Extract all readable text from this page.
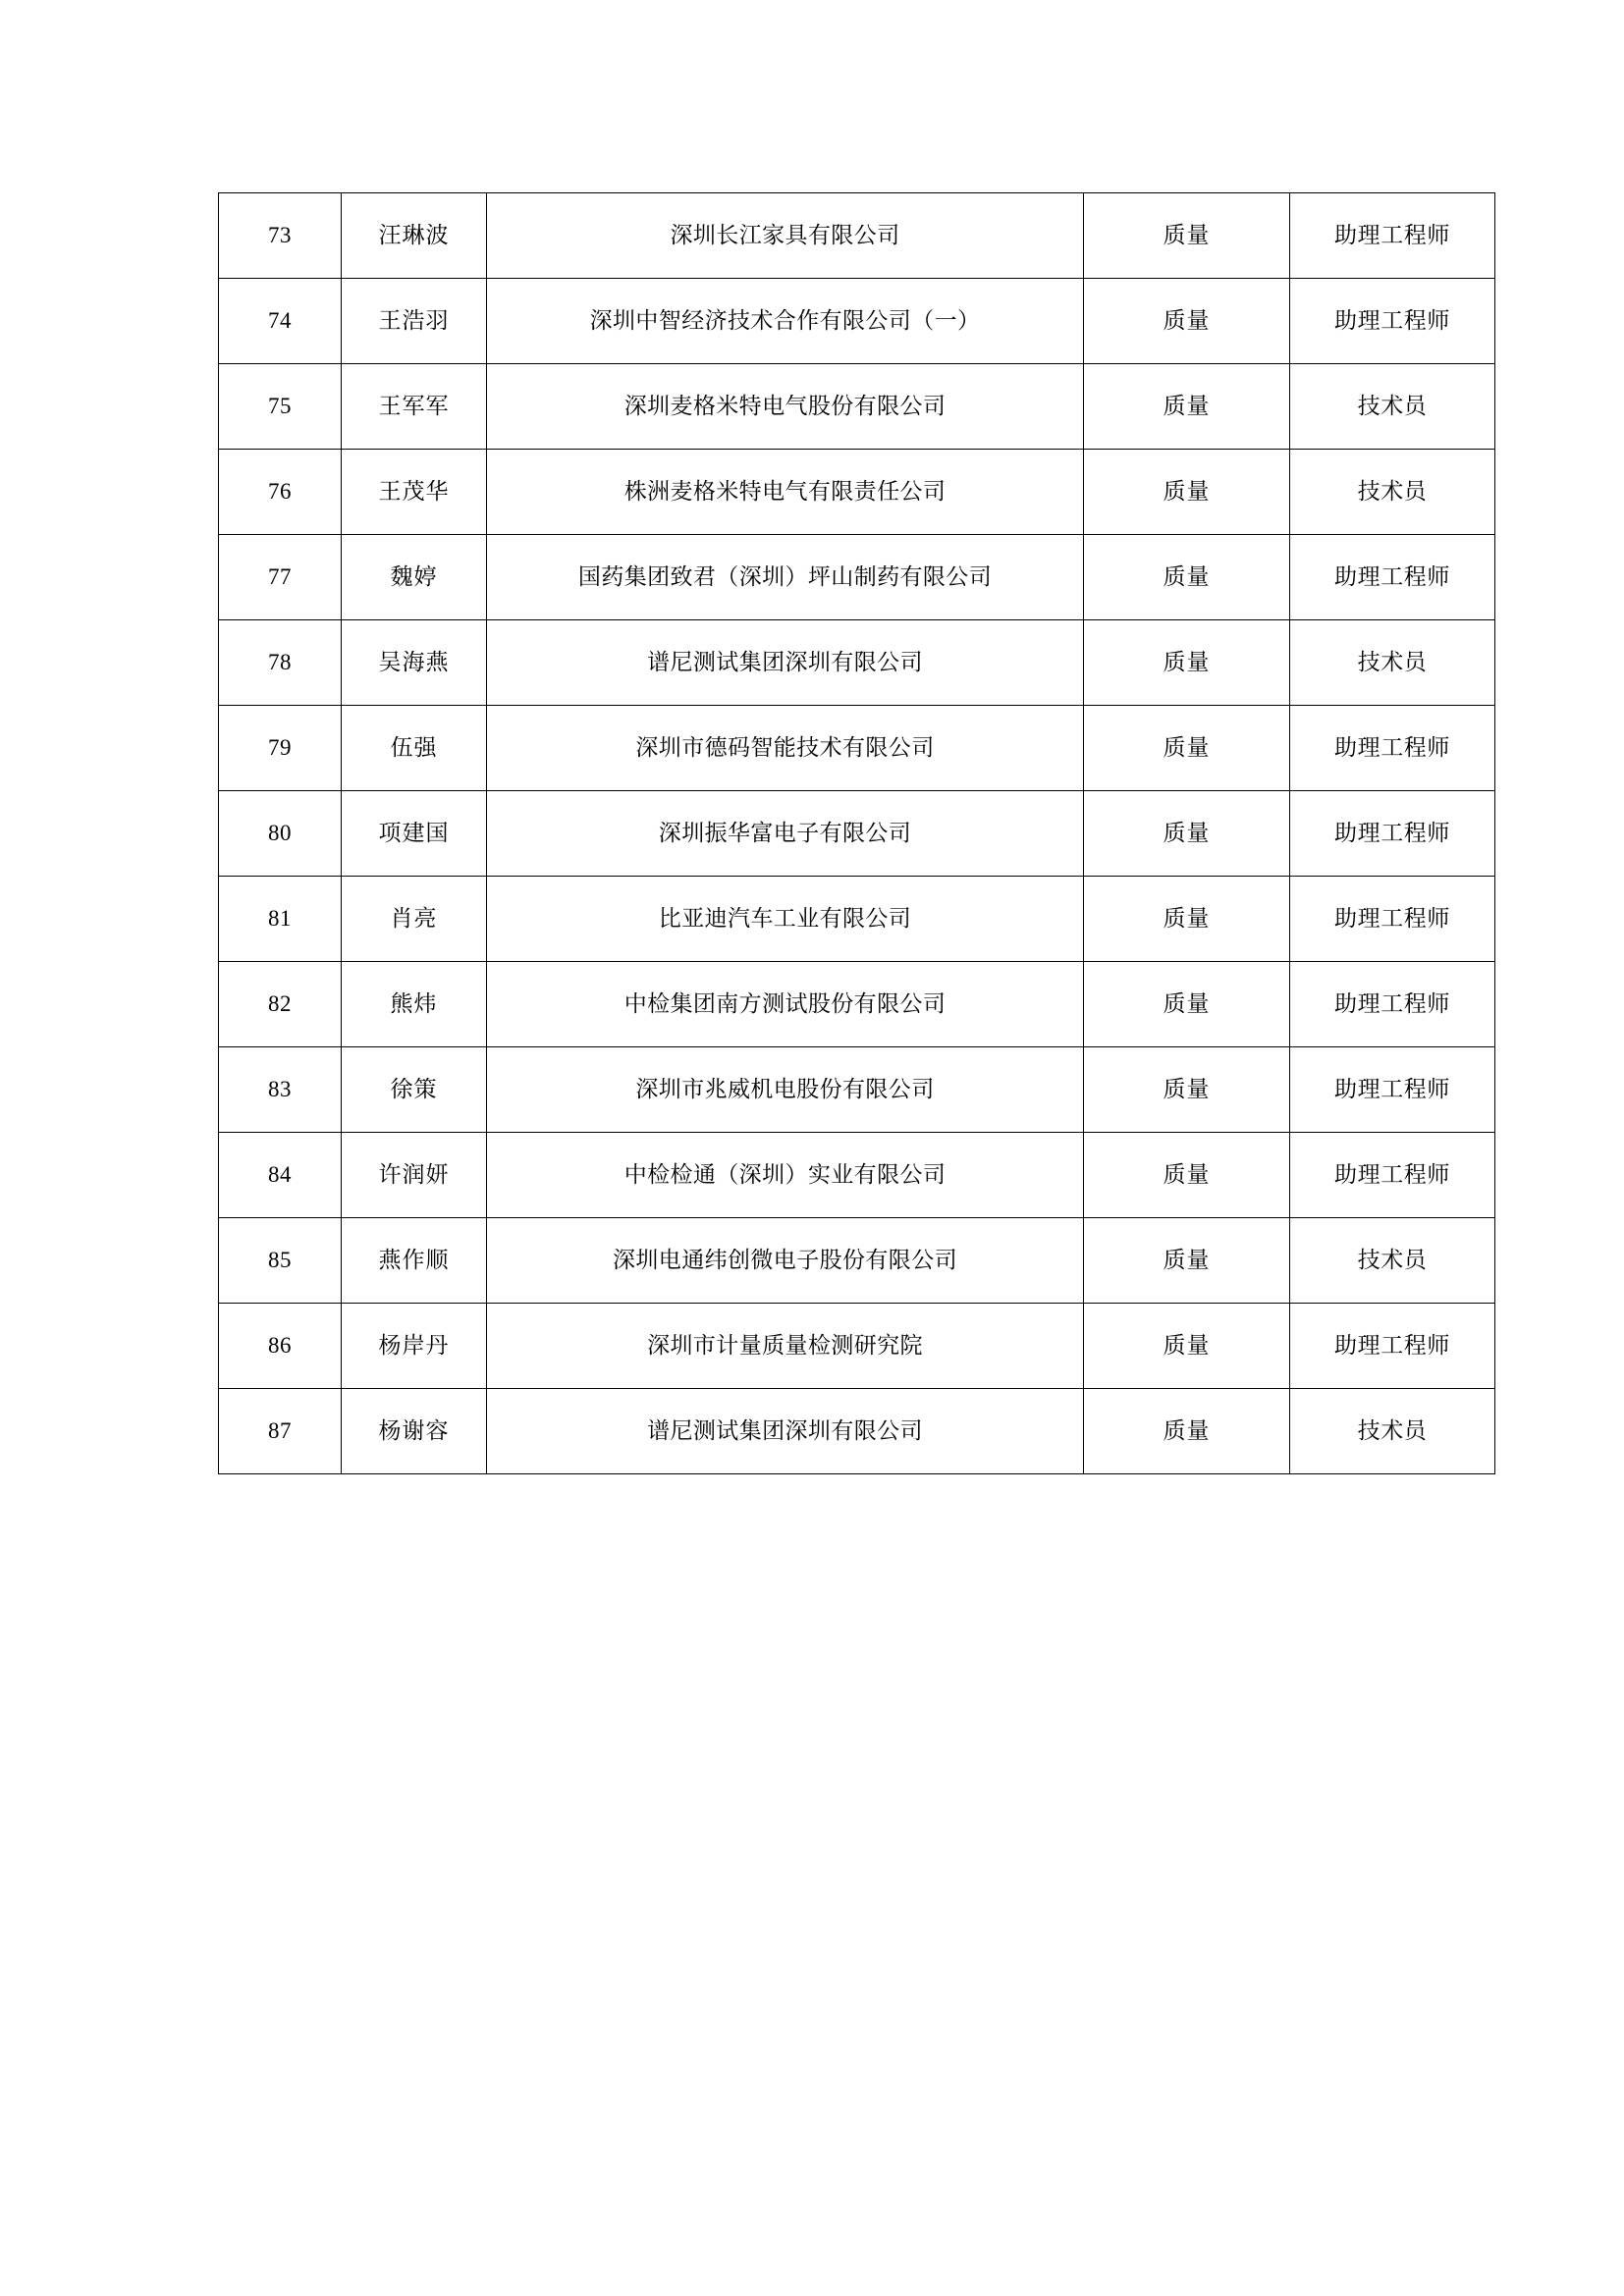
73	汪琳波	深圳长江家具有限公司	质量	助理工程师
74	王浩羽	深圳中智经济技术合作有限公司（一）	质量	助理工程师
75	王军军	深圳麦格米特电气股份有限公司	质量	技术员
76	王茂华	株洲麦格米特电气有限责任公司	质量	技术员
77	魏婷	国药集团致君（深圳）坪山制药有限公司	质量	助理工程师
78	吴海燕	谱尼测试集团深圳有限公司	质量	技术员
79	伍强	深圳市德码智能技术有限公司	质量	助理工程师
80	项建国	深圳振华富电子有限公司	质量	助理工程师
81	肖亮	比亚迪汽车工业有限公司	质量	助理工程师
82	熊炜	中检集团南方测试股份有限公司	质量	助理工程师
83	徐策	深圳市兆威机电股份有限公司	质量	助理工程师
84	许润妍	中检检通（深圳）实业有限公司	质量	助理工程师
85	燕作顺	深圳电通纬创微电子股份有限公司	质量	技术员
86	杨岸丹	深圳市计量质量检测研究院	质量	助理工程师
87	杨谢容	谱尼测试集团深圳有限公司	质量	技术员
